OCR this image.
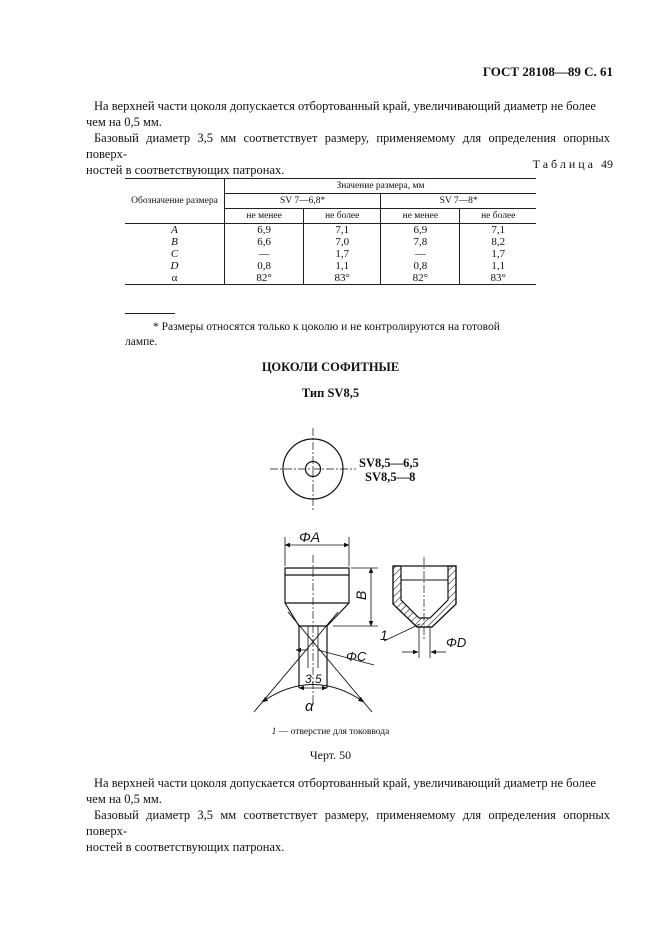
ГОСТ 28108—89 С. 61

На верхней части цоколя допускается отбортованный край, увеличивающий диаметр не более

чем на 0,5 мм.

Базовый диаметр 3,5 мм соответствует размеру, применяемому для определения опорных поверх-

ностей в соответствующих патронах.	Таблица 49
Обозначение размера	Значение размера, мм			
	SV 7—6,8*		SV 7—8*	
	не менее	не более	не менее	не более
A	6,9	7,1	6,9	7,1
B	6,6	7,0	7,8	8,2
C	—	1,7	—	1,7
D	0,8	1,1	0,8	1,1
α	82°	83°	82°	83°

* Размеры относятся только к цоколю и не контролируются на готовой

лампе.

ЦОКОЛИ СОФИТНЫЕ
Тип SV8,5
SV8,5—6,5
SV8,5—8
ΦA
B
ΦC
3,5
α
1	ΦD
1 — отверстие для токоввода
Черт. 50

На верхней части цоколя допускается отбортованный край, увеличивающий диаметр не более

чем на 0,5 мм.

Базовый диаметр 3,5 мм соответствует размеру, применяемому для определения опорных поверх-

ностей в соответствующих патронах.
